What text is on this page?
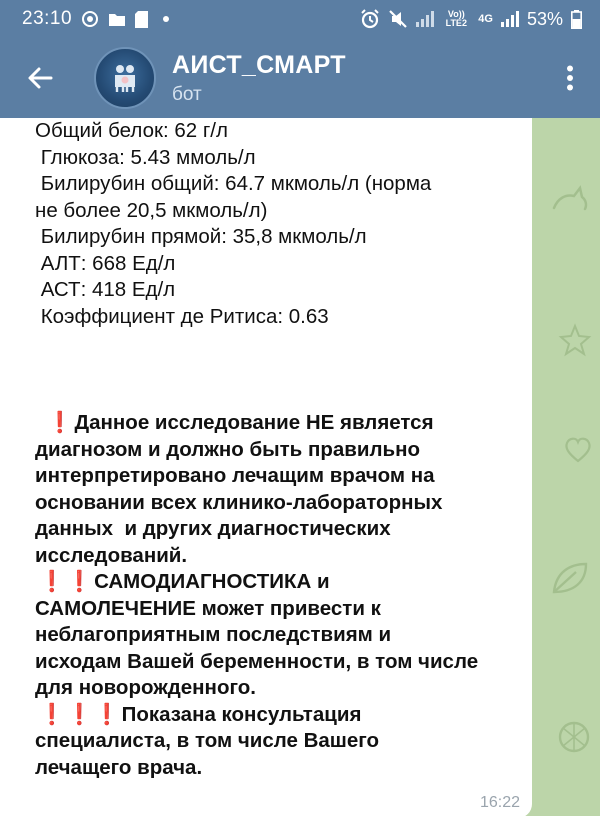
23:10	Vo)) LTE2	4G 53%
АИСТ_СМАРТ
бот
Общий белок: 62 г/л
Глюкоза: 5.43 ммоль/л
Билирубин общий: 64.7 мкмоль/л (норма
не более 20,5 мкмоль/л)
Билирубин прямой: 35,8 мкмоль/л
АЛТ: 668 Ед/л
АСТ: 418 Ед/л
Коэффициент де Ритиса: 0.63
❗Данное исследование НЕ является
диагнозом и должно быть правильно
интерпретировано лечащим врачом на
основании всех клинико-лабораторных
данных  и других диагностических
исследований.
❗❗САМОДИАГНОСТИКА и
САМОЛЕЧЕНИЕ может привести к
неблагоприятным последствиям и
исходам Вашей беременности, в том числе
для новорожденного.
❗❗❗Показана консультация
специалиста, в том числе Вашего
лечащего врача.
16:22
